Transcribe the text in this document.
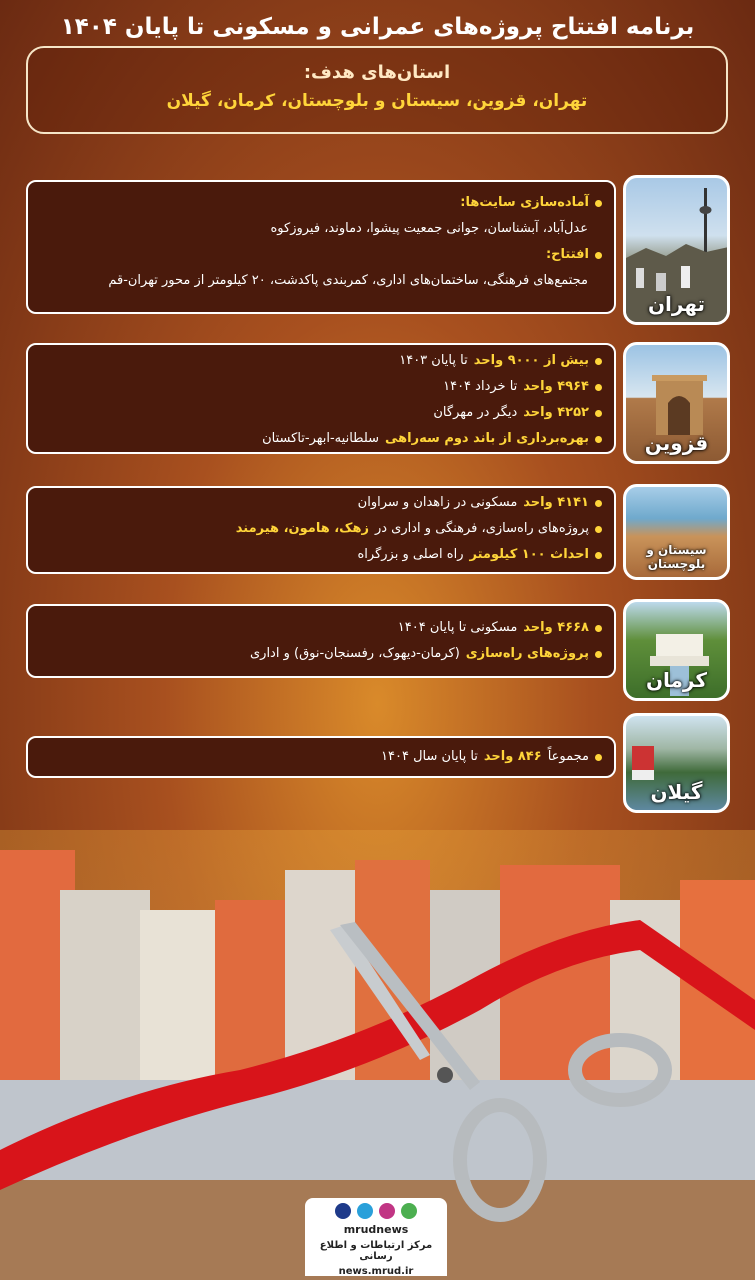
برنامه افتتاح پروژه‌های عمرانی و مسکونی تا پایان ۱۴۰۴
استان‌های هدف:
تهران، قزوین، سیستان و بلوچستان، کرمان، گیلان
آماده‌سازی سایت‌ها:
عدل‌آباد، آبشناسان، جوانی جمعیت پیشوا، دماوند، فیروزکوه
افتتاح:
مجتمع‌های فرهنگی، ساختمان‌های اداری، کمربندی پاکدشت، ۲۰ کیلومتر از محور تهران-قم
تهران
بیش از ۹۰۰۰ واحد
تا پایان ۱۴۰۳
۴۹۶۴ واحد
تا خرداد ۱۴۰۴
۴۲۵۲ واحد
دیگر در مهرگان
بهره‌برداری از باند دوم سه‌راهی
سلطانیه-ابهر-تاکستان	قزوین
۴۱۴۱ واحد
مسکونی در زاهدان و سراوان
پروژه‌های راه‌سازی، فرهنگی و اداری در
زهک، هامون، هیرمند
احداث ۱۰۰ کیلومتر
راه اصلی و بزرگراه	سیستان و بلوچستان
۴۶۶۸ واحد
مسکونی تا پایان ۱۴۰۴
پروژه‌های راه‌سازی
(کرمان-دیهوک، رفسنجان-نوق) و اداری
کرمان
مجموعاً
۸۴۶ واحد
تا پایان سال ۱۴۰۴
گیلان
mrudnews
مرکز ارتباطات و اطلاع رسانی
news.mrud.ir
